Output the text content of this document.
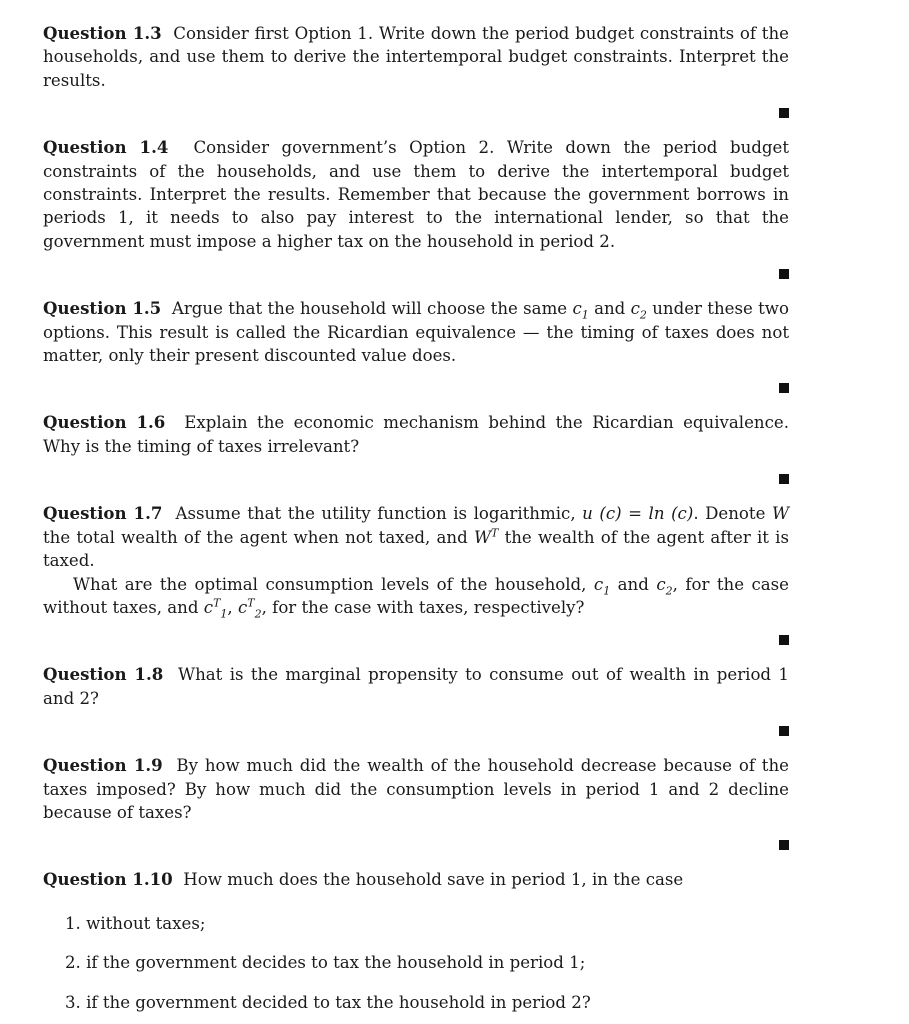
Question 1.3 Consider first Option 1. Write down the period budget constraints of the households, and use them to derive the intertemporal budget constraints. Interpret the results.

Question 1.4 Consider government’s Option 2. Write down the period budget constraints of the households, and use them to derive the intertemporal budget constraints. Interpret the results. Remember that because the government borrows in periods 1, it needs to also pay interest to the international lender, so that the government must impose a higher tax on the household in period 2.

Question 1.5 Argue that the household will choose the same $c_1$ and $c_2$ under these two options. This result is called the Ricardian equivalence — the timing of taxes does not matter, only their present discounted value does.

Question 1.6 Explain the economic mechanism behind the Ricardian equivalence. Why is the timing of taxes irrelevant?

Question 1.7 Assume that the utility function is logarithmic, u (c) = ln (c). Denote W the total wealth of the agent when not taxed, and $W^T$ the wealth of the agent after it is taxed.

What are the optimal consumption levels of the household, $c_1$ and $c_2$, for the case without taxes, and $c^T_1$, $c^T_2$, for the case with taxes, respectively?

Question 1.8 What is the marginal propensity to consume out of wealth in period 1 and 2?

Question 1.9 By how much did the wealth of the household decrease because of the taxes imposed? By how much did the consumption levels in period 1 and 2 decline because of taxes?

Question 1.10 How much does the household save in period 1, in the case

1. without taxes;
2. if the government decides to tax the household in period 1;
3. if the government decided to tax the household in period 2?
